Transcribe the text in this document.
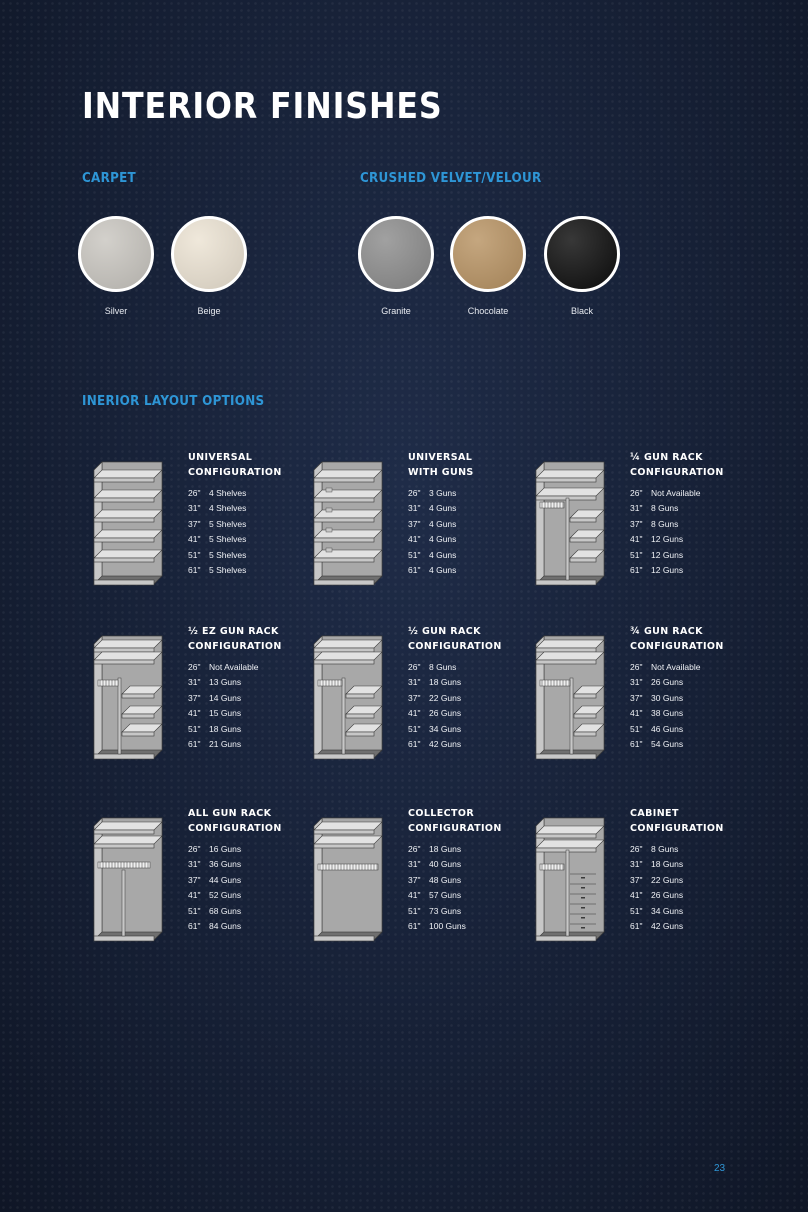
INTERIOR FINISHES
CARPET	CRUSHED VELVET/VELOUR
Silver	Beige	Granite	Chocolate	Black
INERIOR LAYOUT OPTIONS
UNIVERSAL
CONFIGURATION
26" 4 Shelves
31" 4 Shelves
37" 5 Shelves
41" 5 Shelves
51" 5 Shelves
61" 5 Shelves
UNIVERSAL
WITH GUNS
26" 3 Guns
31" 4 Guns
37" 4 Guns
41" 4 Guns
51" 4 Guns
61" 4 Guns
¼ GUN RACK
CONFIGURATION
26" Not Available
31" 8 Guns
37" 8 Guns
41" 12 Guns
51" 12 Guns
61" 12 Guns
½ EZ GUN RACK
CONFIGURATION
26" Not Available
31" 13 Guns
37" 14 Guns
41" 15 Guns
51" 18 Guns
61" 21 Guns
½ GUN RACK
CONFIGURATION
26" 8 Guns
31" 18 Guns
37" 22 Guns
41" 26 Guns
51" 34 Guns
61" 42 Guns
¾ GUN RACK
CONFIGURATION
26" Not Available
31" 26 Guns
37" 30 Guns
41" 38 Guns
51" 46 Guns
61" 54 Guns
ALL GUN RACK
CONFIGURATION
26" 16 Guns
31" 36 Guns
37" 44 Guns
41" 52 Guns
51" 68 Guns
61" 84 Guns
COLLECTOR
CONFIGURATION
26" 18 Guns
31" 40 Guns
37" 48 Guns
41" 57 Guns
51" 73 Guns
61" 100 Guns
CABINET
CONFIGURATION
26" 8 Guns
31" 18 Guns
37" 22 Guns
41" 26 Guns
51" 34 Guns
61" 42 Guns
23
